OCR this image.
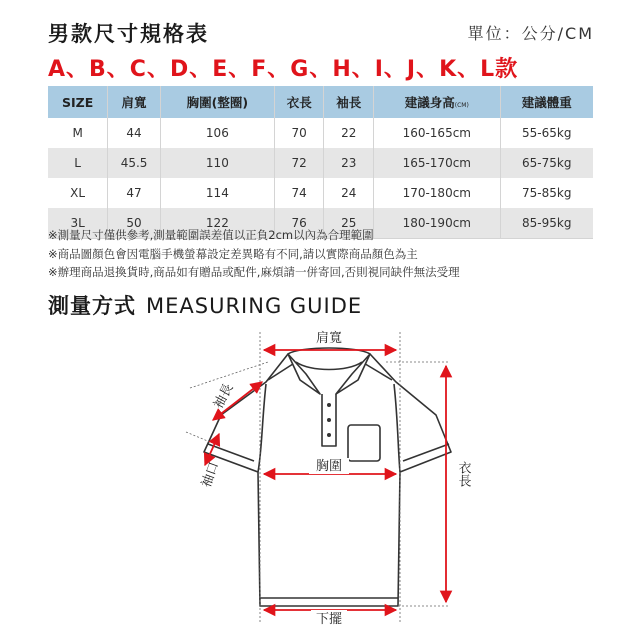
男款尺寸規格表	單位：公分/CM
A、B、C、D、E、F、G、H、I、J、K、L款
SIZE	肩寬	胸圍(整圈)	衣長	袖長	建議身高(CM)	建議體重
M	44	106	70	22	160-165cm	55-65kg
L	45.5	110	72	23	165-170cm	65-75kg
XL	47	114	74	24	170-180cm	75-85kg
3L	50	122	76	25	180-190cm	85-95kg
※測量尺寸僅供參考,測量範圍誤差值以正負2cm以內為合理範圍
※商品圖顏色會因電腦手機螢幕設定差異略有不同,請以實際商品顏色為主
※辦理商品退換貨時,商品如有贈品或配件,麻煩請一併寄回,否則視同缺件無法受理
測量方式 MEASURING GUIDE
肩寬
胸圍
下擺
衣長
袖長
袖口
